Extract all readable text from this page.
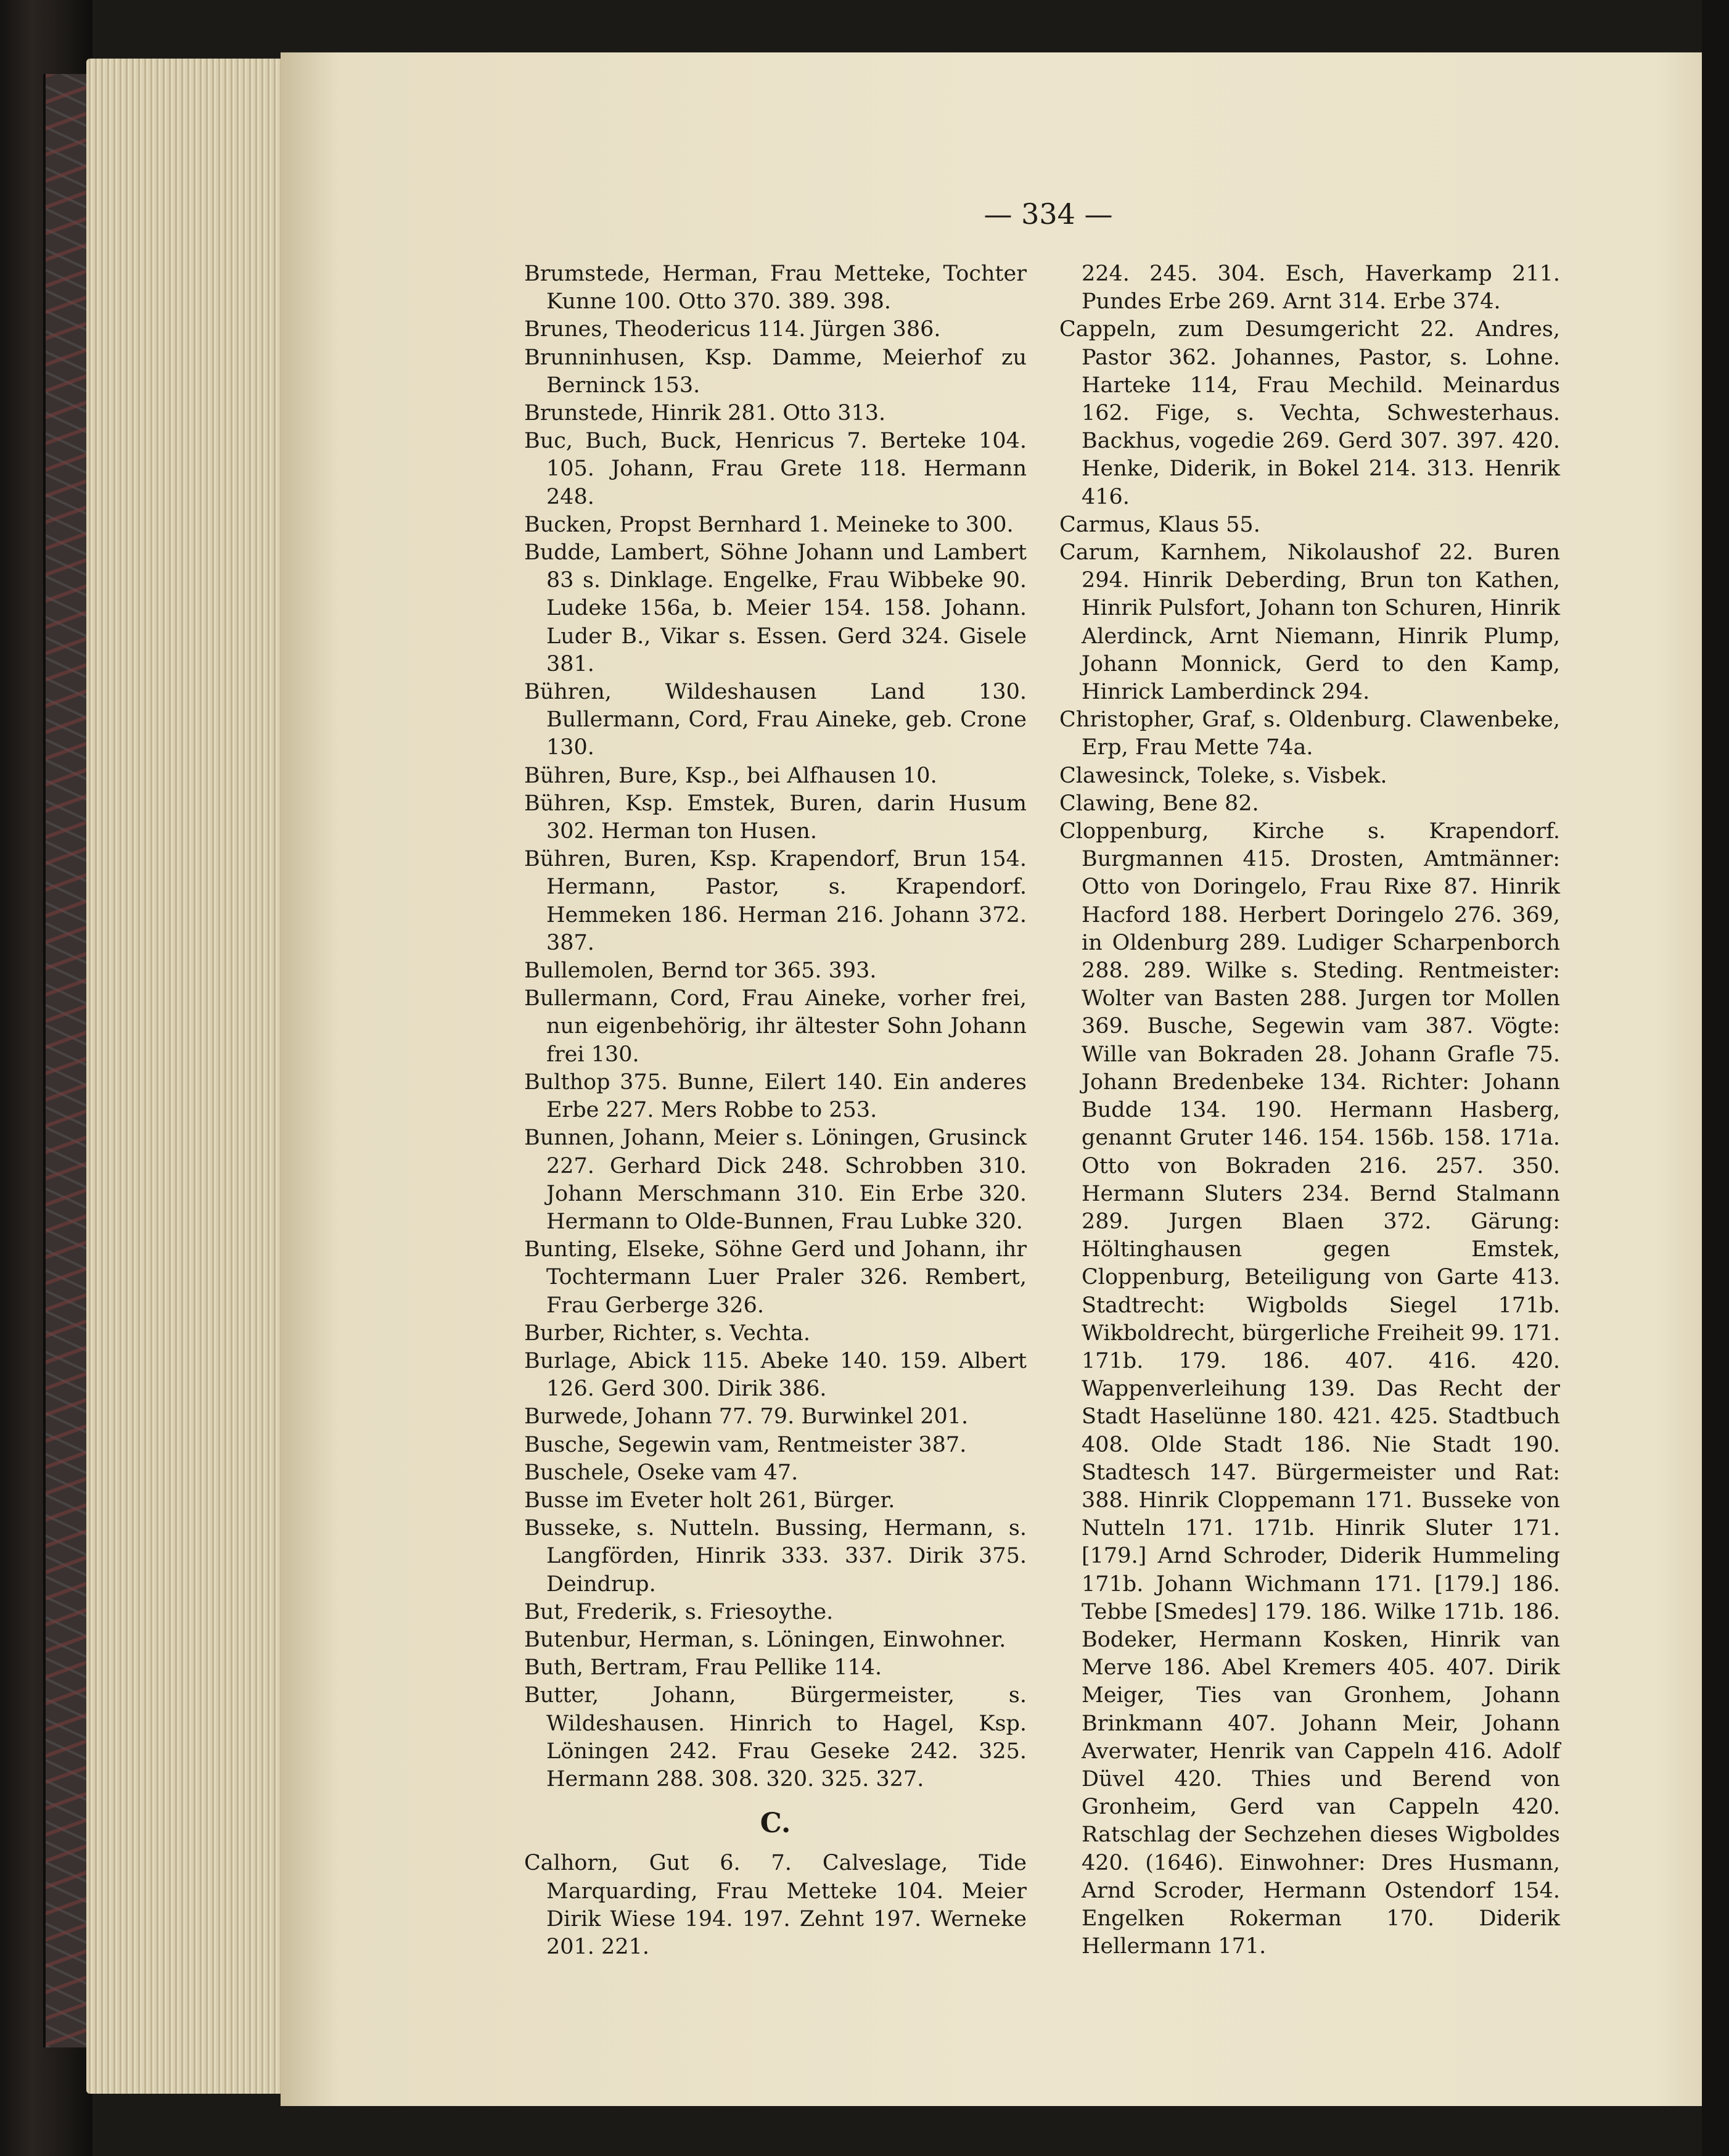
— 334 —

Brumstede, Herman, Frau Metteke, Tochter Kunne 100. Otto 370. 389. 398.

Brunes, Theodericus 114. Jürgen 386.

Brunninhusen, Ksp. Damme, Meierhof zu Berninck 153.

Brunstede, Hinrik 281. Otto 313.

Buc, Buch, Buck, Henricus 7. Berteke 104. 105. Johann, Frau Grete 118. Hermann 248.

Bucken, Propst Bernhard 1. Meineke to 300.

Budde, Lambert, Söhne Johann und Lambert 83 s. Dinklage. Engelke, Frau Wibbeke 90. Ludeke 156a, b. Meier 154. 158. Johann. Luder B., Vikar s. Essen. Gerd 324. Gisele 381.

Bühren, Wildeshausen Land 130. Bullermann, Cord, Frau Aineke, geb. Crone 130.

Bühren, Bure, Ksp., bei Alfhausen 10.

Bühren, Ksp. Emstek, Buren, darin Husum 302. Herman ton Husen.

Bühren, Buren, Ksp. Krapendorf, Brun 154. Hermann, Pastor, s. Krapendorf. Hemmeken 186. Herman 216. Johann 372. 387.

Bullemolen, Bernd tor 365. 393.

Bullermann, Cord, Frau Aineke, vorher frei, nun eigenbehörig, ihr ältester Sohn Johann frei 130.

Bulthop 375. Bunne, Eilert 140. Ein anderes Erbe 227. Mers Robbe to 253.

Bunnen, Johann, Meier s. Löningen, Grusinck 227. Gerhard Dick 248. Schrobben 310. Johann Merschmann 310. Ein Erbe 320. Hermann to Olde-Bunnen, Frau Lubke 320.

Bunting, Elseke, Söhne Gerd und Johann, ihr Tochtermann Luer Praler 326. Rembert, Frau Gerberge 326.

Burber, Richter, s. Vechta.

Burlage, Abick 115. Abeke 140. 159. Albert 126. Gerd 300. Dirik 386.

Burwede, Johann 77. 79. Burwinkel 201.

Busche, Segewin vam, Rentmeister 387.

Buschele, Oseke vam 47.

Busse im Eveter holt 261, Bürger.

Busseke, s. Nutteln. Bussing, Hermann, s. Langförden, Hinrik 333. 337. Dirik 375. Deindrup.

But, Frederik, s. Friesoythe.

Butenbur, Herman, s. Löningen, Einwohner.

Buth, Bertram, Frau Pellike 114.

Butter, Johann, Bürgermeister, s. Wildeshausen. Hinrich to Hagel, Ksp. Löningen 242. Frau Geseke 242. 325. Hermann 288. 308. 320. 325. 327.

C.

Calhorn, Gut 6. 7. Calveslage, Tide Marquarding, Frau Metteke 104. Meier Dirik Wiese 194. 197. Zehnt 197. Werneke 201. 221.

224. 245. 304. Esch, Haverkamp 211. Pundes Erbe 269. Arnt 314. Erbe 374.

Cappeln, zum Desumgericht 22. Andres, Pastor 362. Johannes, Pastor, s. Lohne. Harteke 114, Frau Mechild. Meinardus 162. Fige, s. Vechta, Schwesterhaus. Backhus, vogedie 269. Gerd 307. 397. 420. Henke, Diderik, in Bokel 214. 313. Henrik 416.

Carmus, Klaus 55.

Carum, Karnhem, Nikolaushof 22. Buren 294. Hinrik Deberding, Brun ton Kathen, Hinrik Pulsfort, Johann ton Schuren, Hinrik Alerdinck, Arnt Niemann, Hinrik Plump, Johann Monnick, Gerd to den Kamp, Hinrick Lamberdinck 294.

Christopher, Graf, s. Oldenburg. Clawenbeke, Erp, Frau Mette 74a.

Clawesinck, Toleke, s. Visbek.

Clawing, Bene 82.

Cloppenburg, Kirche s. Krapendorf. Burgmannen 415. Drosten, Amtmänner: Otto von Doringelo, Frau Rixe 87. Hinrik Hacford 188. Herbert Doringelo 276. 369, in Oldenburg 289. Ludiger Scharpenborch 288. 289. Wilke s. Steding. Rentmeister: Wolter van Basten 288. Jurgen tor Mollen 369. Busche, Segewin vam 387. Vögte: Wille van Bokraden 28. Johann Grafle 75. Johann Bredenbeke 134. Richter: Johann Budde 134. 190. Hermann Hasberg, genannt Gruter 146. 154. 156b. 158. 171a. Otto von Bokraden 216. 257. 350. Hermann Sluters 234. Bernd Stalmann 289. Jurgen Blaen 372. Gärung: Höltinghausen gegen Emstek, Cloppenburg, Beteiligung von Garte 413. Stadtrecht: Wigbolds Siegel 171b. Wikboldrecht, bürgerliche Freiheit 99. 171. 171b. 179. 186. 407. 416. 420. Wappenverleihung 139. Das Recht der Stadt Haselünne 180. 421. 425. Stadtbuch 408. Olde Stadt 186. Nie Stadt 190. Stadtesch 147. Bürgermeister und Rat: 388. Hinrik Cloppemann 171. Busseke von Nutteln 171. 171b. Hinrik Sluter 171. [179.] Arnd Schroder, Diderik Hummeling 171b. Johann Wichmann 171. [179.] 186. Tebbe [Smedes] 179. 186. Wilke 171b. 186. Bodeker, Hermann Kosken, Hinrik van Merve 186. Abel Kremers 405. 407. Dirik Meiger, Ties van Gronhem, Johann Brinkmann 407. Johann Meir, Johann Averwater, Henrik van Cappeln 416. Adolf Düvel 420. Thies und Berend von Gronheim, Gerd van Cappeln 420. Ratschlag der Sechzehen dieses Wigboldes 420. (1646). Einwohner: Dres Husmann, Arnd Scroder, Hermann Ostendorf 154. Engelken Rokerman 170. Diderik Hellermann 171.
